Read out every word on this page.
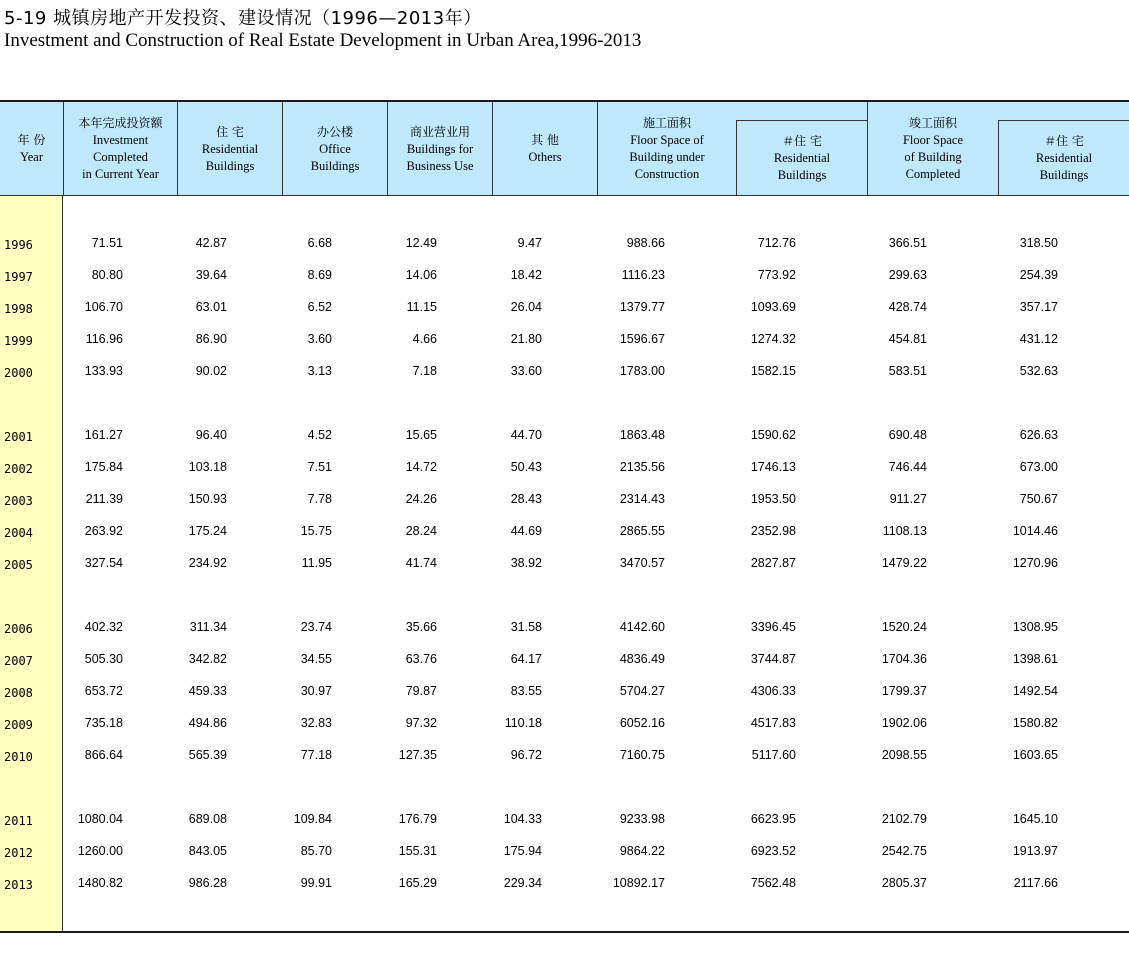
5-19 城镇房地产开发投资、建设情况（1996—2013年）
Investment and Construction of Real Estate Development in Urban Area,1996-2013
年 份
Year
本年完成投资额
Investment
Completed
in Current Year
住 宅
Residential
Buildings
办公楼
Office
Buildings
商业营业用
Buildings for
Business Use
其 他
Others
施工面积
Floor Space of
Building under
Construction
＃住 宅
Residential
Buildings
竣工面积
Floor Space
of Building
Completed
＃住 宅
Residential
Buildings
1996	71.51	42.87	6.68	12.49	9.47	988.66	712.76	366.51	318.50
1997	80.80	39.64	8.69	14.06	18.42	1116.23	773.92	299.63	254.39
1998	106.70	63.01	6.52	11.15	26.04	1379.77	1093.69	428.74	357.17
1999	116.96	86.90	3.60	4.66	21.80	1596.67	1274.32	454.81	431.12
2000	133.93	90.02	3.13	7.18	33.60	1783.00	1582.15	583.51	532.63
2001	161.27	96.40	4.52	15.65	44.70	1863.48	1590.62	690.48	626.63
2002	175.84	103.18	7.51	14.72	50.43	2135.56	1746.13	746.44	673.00
2003	211.39	150.93	7.78	24.26	28.43	2314.43	1953.50	911.27	750.67
2004	263.92	175.24	15.75	28.24	44.69	2865.55	2352.98	1108.13	1014.46
2005	327.54	234.92	11.95	41.74	38.92	3470.57	2827.87	1479.22	1270.96
2006	402.32	311.34	23.74	35.66	31.58	4142.60	3396.45	1520.24	1308.95
2007	505.30	342.82	34.55	63.76	64.17	4836.49	3744.87	1704.36	1398.61
2008	653.72	459.33	30.97	79.87	83.55	5704.27	4306.33	1799.37	1492.54
2009	735.18	494.86	32.83	97.32	110.18	6052.16	4517.83	1902.06	1580.82
2010	866.64	565.39	77.18	127.35	96.72	7160.75	5117.60	2098.55	1603.65
2011	1080.04	689.08	109.84	176.79	104.33	9233.98	6623.95	2102.79	1645.10
2012	1260.00	843.05	85.70	155.31	175.94	9864.22	6923.52	2542.75	1913.97
2013	1480.82	986.28	99.91	165.29	229.34	10892.17	7562.48	2805.37	2117.66
